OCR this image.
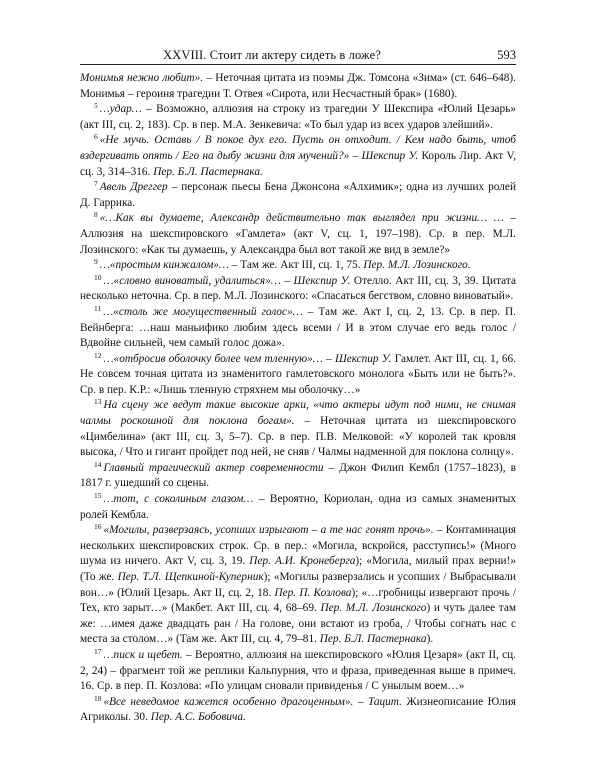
XXVIII. Стоит ли актеру сидеть в ложе?	593

Монимья нежно любит». – Неточная цитата из поэмы Дж. Томсона «Зима» (ст. 646–648). Монимья – героиня трагедии Т. Отвея «Сирота, или Несчастный брак» (1680).

$^5$ …удар… – Возможно, аллюзия на строку из трагедии У Шекспира «Юлий Цезарь» (акт III, сц. 2, 183). Ср. в пер. М.А. Зенкевича: «То был удар из всех ударов злейший».

$^6$ «Не мучь. Оставь / В покое дух его. Пусть он отходит. / Кем надо быть, чтоб вздергивать опять / Его на дыбу жизни для мучений?» – Шекспир У. Король Лир. Акт V, сц. 3, 314–316. Пер. Б.Л. Пастернака.

$^7$ Авель Дреггер – персонаж пьесы Бена Джонсона «Алхимик»; одна из лучших ролей Д. Гаррика.

$^8$ «…Как вы думаете, Александр действительно так выглядел при жизни… … – Аллюзия на шекспировского «Гамлета» (акт V, сц. 1, 197–198). Ср. в пер. М.Л. Лозинского: «Как ты думаешь, у Александра был вот такой же вид в земле?»

$^9$ …«простым кинжалом»… – Там же. Акт III, сц. 1, 75. Пер. М.Л. Лозинского.

$^{10}$ …«словно виноватый, удалиться»… – Шекспир У. Отелло. Акт III, сц. 3, 39. Цитата несколько неточна. Ср. в пер. М.Л. Лозинского: «Спасаться бегством, словно виноватый».

$^{11}$ …«столь же могущественный голос»… – Там же. Акт I, сц. 2, 13. Ср. в пер. П. Вейнберга: …наш маньифико любим здесь всеми / И в этом случае его ведь голос / Вдвойне сильней, чем самый голос дожа».

$^{12}$ …«отбросив оболочку более чем тленную»… – Шекспир У. Гамлет. Акт III, сц. 1, 66. Не совсем точная цитата из знаменитого гамлетовского монолога «Быть или не быть?». Ср. в пер. К.Р.: «Лишь тленную стряхнем мы оболочку…»

$^{13}$ На сцену же ведут такие высокие арки, «что актеры идут под ними, не снимая чалмы роскошной для поклона богам». – Неточная цитата из шекспировского «Цимбелина» (акт III, сц. 3, 5–7). Ср. в пер. П.В. Мелковой: «У королей так кровля высока, / Что и гигант пройдет под ней, не сняв / Чалмы надменной для поклона солнцу».

$^{14}$ Главный трагический актер современности – Джон Филип Кембл (1757–1823), в 1817 г. ушедший со сцены.

$^{15}$ …тот, с соколиным глазом… – Вероятно, Кориолан, одна из самых знаменитых ролей Кембла.

$^{16}$ «Могилы, разверзаясь, усопших изрыгают – а те нас гонят прочь». – Контаминация нескольких шекспировских строк. Ср. в пер.: «Могила, вскройся, расступись!» (Много шума из ничего. Акт V, сц. 3, 19. Пер. А.И. Кронеберга); «Могила, милый прах верни!» (То же. Пер. Т.Л. Щепкиной-Куперник); «Могилы разверзались и усопших / Выбрасывали вон…» (Юлий Цезарь. Акт II, сц. 2, 18. Пер. П. Козлова); «…гробницы извергают прочь / Тех, кто зарыт…» (Макбет. Акт III, сц. 4, 68–69. Пер. М.Л. Лозинского) и чуть далее там же: …имея даже двадцать ран / На голове, они встают из гроба, / Чтобы согнать нас с места за столом…» (Там же. Акт III, сц. 4, 79–81. Пер. Б.Л. Пастернака).

$^{17}$ …писк и щебет. – Вероятно, аллюзия на шекспировского «Юлия Цезаря» (акт II, сц. 2, 24) – фрагмент той же реплики Кальпурния, что и фраза, приведенная выше в примеч. 16. Ср. в пер. П. Козлова: «По улицам сновали привиденья / С унылым воем…»

$^{18}$ «Все неведомое кажется особенно драгоценным». – Тацит. Жизнеописание Юлия Агриколы. 30. Пер. А.С. Бобовича.
